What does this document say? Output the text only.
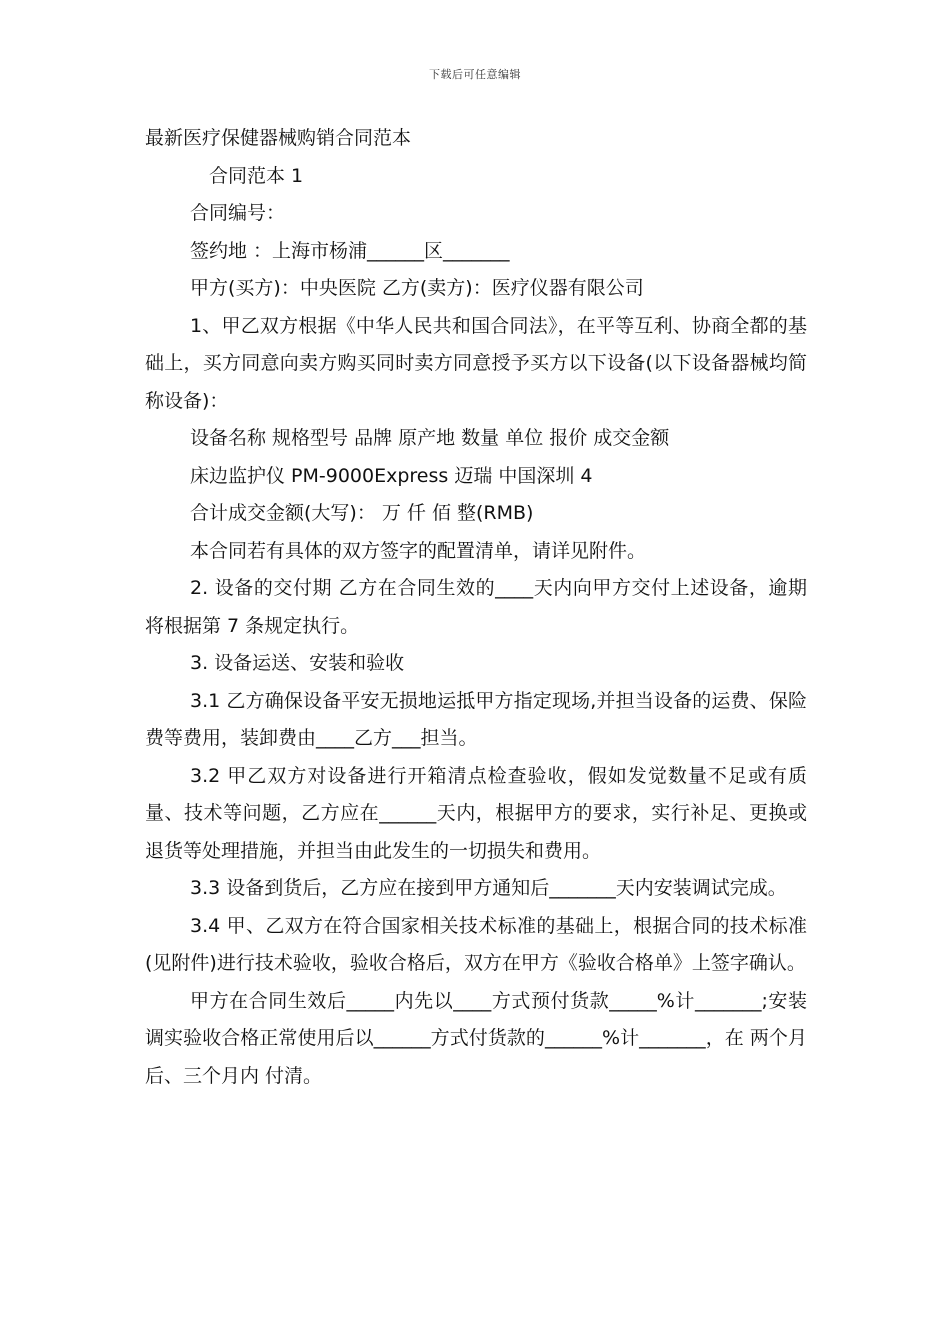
下载后可任意编辑

最新医疗保健器械购销合同范本

合同范本 1

合同编号：

签约地 ：上海市杨浦______区_______

甲方(买方)：中央医院 乙方(卖方)：医疗仪器有限公司

1、甲乙双方根据《中华人民共和国合同法》，在平等互利、协商全都的基础上，买方同意向卖方购买同时卖方同意授予买方以下设备(以下设备器械均简称设备)：

设备名称 规格型号 品牌 原产地 数量 单位 报价 成交金额

床边监护仪 PM-9000Express 迈瑞 中国深圳 4

合计成交金额(大写)： 万 仟 佰 整(RMB)

本合同若有具体的双方签字的配置清单，请详见附件。

2. 设备的交付期 乙方在合同生效的____天内向甲方交付上述设备，逾期将根据第 7 条规定执行。

3. 设备运送、安装和验收

3.1 乙方确保设备平安无损地运抵甲方指定现场,并担当设备的运费、保险费等费用，装卸费由____乙方___担当。

3.2 甲乙双方对设备进行开箱清点检查验收，假如发觉数量不足或有质量、技术等问题，乙方应在______天内，根据甲方的要求，实行补足、更换或退货等处理措施，并担当由此发生的一切损失和费用。

3.3 设备到货后，乙方应在接到甲方通知后_______天内安装调试完成。

3.4 甲、乙双方在符合国家相关技术标准的基础上，根据合同的技术标准(见附件)进行技术验收，验收合格后，双方在甲方《验收合格单》上签字确认。

甲方在合同生效后_____内先以____方式预付货款_____%计_______;安装调实验收合格正常使用后以______方式付货款的______%计_______，在 两个月后、三个月内 付清。
